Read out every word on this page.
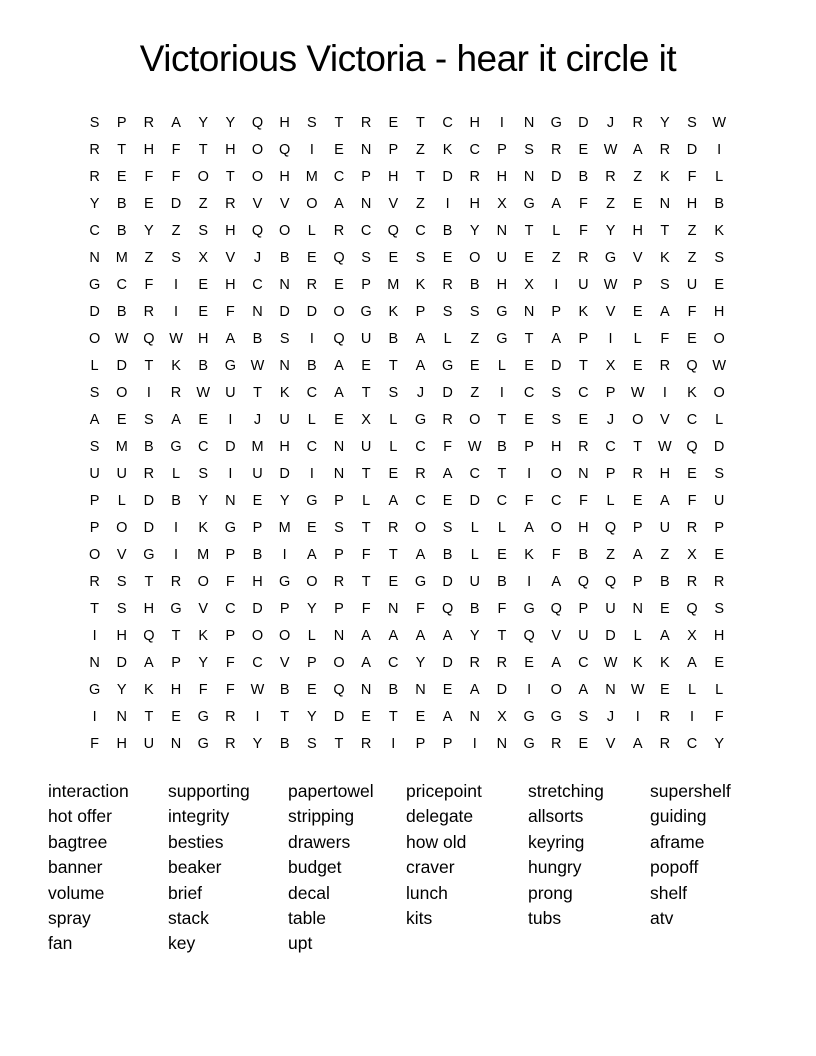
Victorious Victoria - hear it circle it
S	P	R	A	Y	Y	Q	H	S	T	R	E	T	C	H	I	N	G	D	J	R	Y	S	W
R	T	H	F	T	H	O	Q	I	E	N	P	Z	K	C	P	S	R	E	W	A	R	D	I
R	E	F	F	O	T	O	H	M	C	P	H	T	D	R	H	N	D	B	R	Z	K	F	L
Y	B	E	D	Z	R	V	V	O	A	N	V	Z	I	H	X	G	A	F	Z	E	N	H	B
C	B	Y	Z	S	H	Q	O	L	R	C	Q	C	B	Y	N	T	L	F	Y	H	T	Z	K
N	M	Z	S	X	V	J	B	E	Q	S	E	S	E	O	U	E	Z	R	G	V	K	Z	S
G	C	F	I	E	H	C	N	R	E	P	M	K	R	B	H	X	I	U	W	P	S	U	E
D	B	R	I	E	F	N	D	D	O	G	K	P	S	S	G	N	P	K	V	E	A	F	H
O	W	Q	W	H	A	B	S	I	Q	U	B	A	L	Z	G	T	A	P	I	L	F	E	O
L	D	T	K	B	G	W	N	B	A	E	T	A	G	E	L	E	D	T	X	E	R	Q	W
S	O	I	R	W	U	T	K	C	A	T	S	J	D	Z	I	C	S	C	P	W	I	K	O
A	E	S	A	E	I	J	U	L	E	X	L	G	R	O	T	E	S	E	J	O	V	C	L
S	M	B	G	C	D	M	H	C	N	U	L	C	F	W	B	P	H	R	C	T	W	Q	D
U	U	R	L	S	I	U	D	I	N	T	E	R	A	C	T	I	O	N	P	R	H	E	S
P	L	D	B	Y	N	E	Y	G	P	L	A	C	E	D	C	F	C	F	L	E	A	F	U
P	O	D	I	K	G	P	M	E	S	T	R	O	S	L	L	A	O	H	Q	P	U	R	P
O	V	G	I	M	P	B	I	A	P	F	T	A	B	L	E	K	F	B	Z	A	Z	X	E
R	S	T	R	O	F	H	G	O	R	T	E	G	D	U	B	I	A	Q	Q	P	B	R	R
T	S	H	G	V	C	D	P	Y	P	F	N	F	Q	B	F	G	Q	P	U	N	E	Q	S
I	H	Q	T	K	P	O	O	L	N	A	A	A	A	Y	T	Q	V	U	D	L	A	X	H
N	D	A	P	Y	F	C	V	P	O	A	C	Y	D	R	R	E	A	C	W	K	K	A	E
G	Y	K	H	F	F	W	B	E	Q	N	B	N	E	A	D	I	O	A	N	W	E	L	L
I	N	T	E	G	R	I	T	Y	D	E	T	E	A	N	X	G	G	S	J	I	R	I	F
F	H	U	N	G	R	Y	B	S	T	R	I	P	P	I	N	G	R	E	V	A	R	C	Y
interaction
hot offer
bagtree
banner
volume
spray
fan
supporting
integrity
besties
beaker
brief
stack
key
papertowel
stripping
drawers
budget
decal
table
upt
pricepoint
delegate
how old
craver
lunch
kits
stretching
allsorts
keyring
hungry
prong
tubs
supershelf
guiding
aframe
popoff
shelf
atv
